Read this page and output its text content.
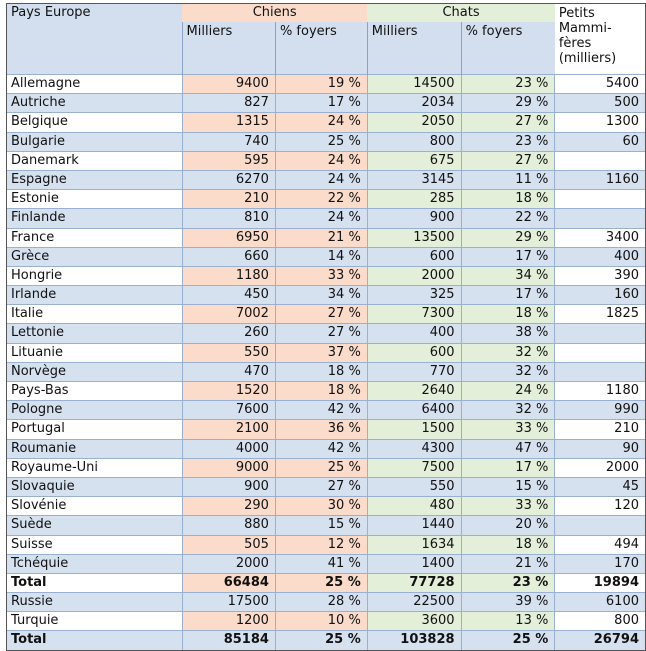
Pays Europe	Chiens		Chats		Petits Mammi-fères (milliers)

	Milliers	% foyers	Milliers	% foyers	
Allemagne	9400	19 %	14500	23 %	5400
Autriche	827	17 %	2034	29 %	500
Belgique	1315	24 %	2050	27 %	1300
Bulgarie	740	25 %	800	23 %	60
Danemark	595	24 %	675	27 %	
Espagne	6270	24 %	3145	11 %	1160
Estonie	210	22 %	285	18 %	
Finlande	810	24 %	900	22 %	
France	6950	21 %	13500	29 %	3400
Grèce	660	14 %	600	17 %	400
Hongrie	1180	33 %	2000	34 %	390
Irlande	450	34 %	325	17 %	160
Italie	7002	27 %	7300	18 %	1825
Lettonie	260	27 %	400	38 %	
Lituanie	550	37 %	600	32 %	
Norvège	470	18 %	770	32 %	
Pays-Bas	1520	18 %	2640	24 %	1180
Pologne	7600	42 %	6400	32 %	990
Portugal	2100	36 %	1500	33 %	210
Roumanie	4000	42 %	4300	47 %	90
Royaume-Uni	9000	25 %	7500	17 %	2000
Slovaquie	900	27 %	550	15 %	45
Slovénie	290	30 %	480	33 %	120
Suède	880	15 %	1440	20 %	
Suisse	505	12 %	1634	18 %	494
Tchéquie	2000	41 %	1400	21 %	170
Total	66484	25 %	77728	23 %	19894
Russie	17500	28 %	22500	39 %	6100
Turquie	1200	10 %	3600	13 %	800
Total	85184	25 %	103828	25 %	26794
